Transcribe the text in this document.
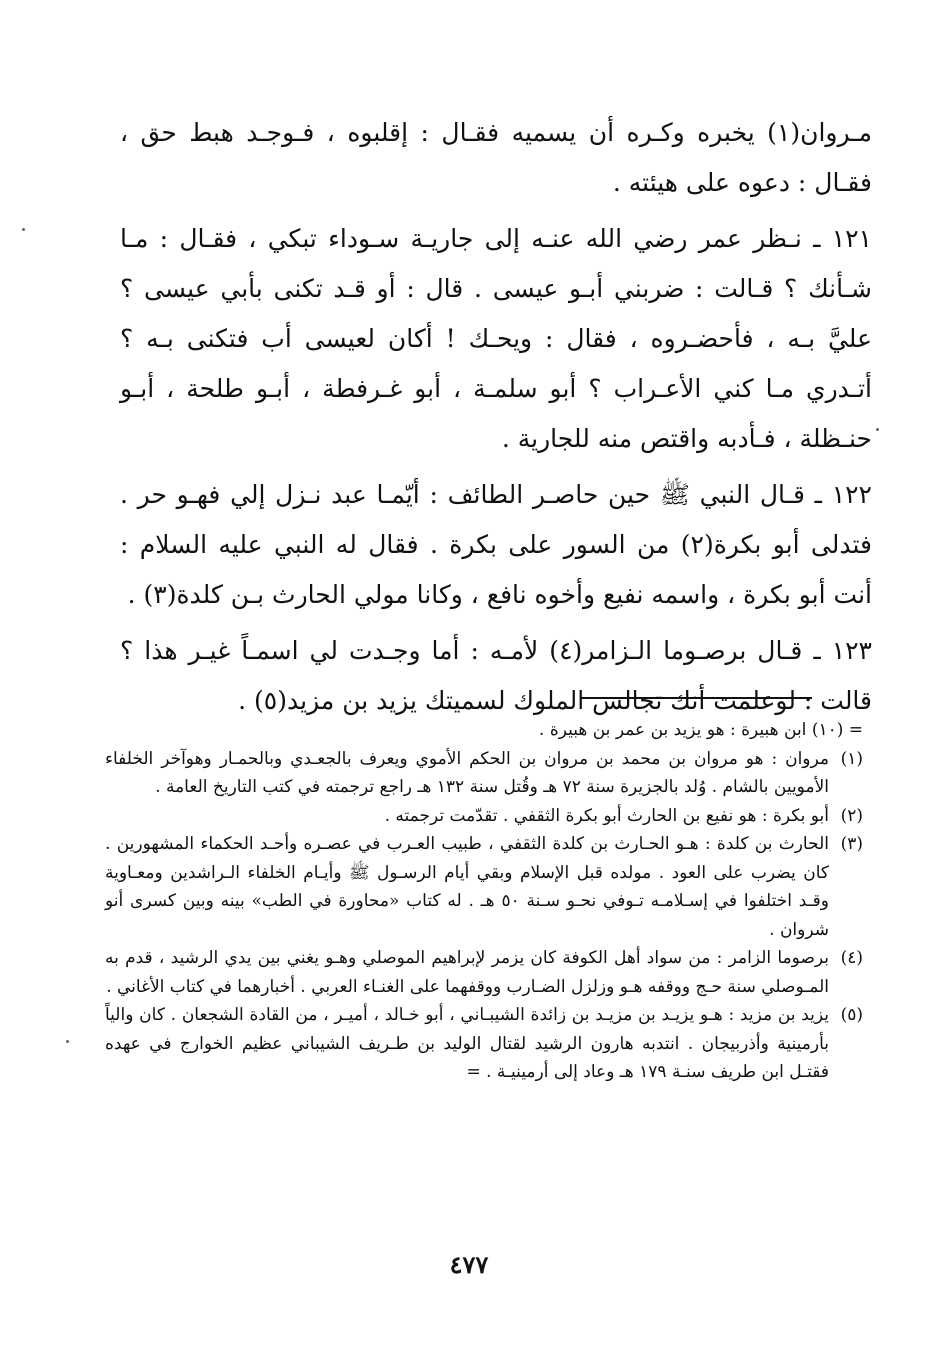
مـروان(١) يخبره وكـره أن يسميه فقـال : إقلبوه ، فـوجـد هبط حق ، فقـال : دعوه على هيئته .

١٢١ ـ نـظر عمر رضي الله عنـه إلى جاريـة سـوداء تبكي ، فقـال : مـا شـأنك ؟ قـالت : ضربني أبـو عيسى . قال : أو قـد تكنى بأبي عيسى ؟ عليَّ بـه ، فأحضـروه ، فقال : ويحـك ! أكان لعيسى أب فتكنى بـه ؟ أتـدري مـا كني الأعـراب ؟ أبو سلمـة ، أبو غـرفطة ، أبـو طلحة ، أبـو حنـظلة ، فـأدبه واقتص منه للجارية .

١٢٢ ـ قـال النبي ﷺ حين حاصـر الطائف : أيّمـا عبد نـزل إلي فهـو حر . فتدلى أبو بكرة(٢) من السور على بكرة . فقال له النبي عليه السلام : أنت أبو بكرة ، واسمه نفيع وأخوه نافع ، وكانا مولي الحارث بـن كلدة(٣) .

١٢٣ ـ قـال برصـوما الـزامر(٤) لأمـه : أما وجـدت لي اسمـاً غيـر هذا ؟ قالت : لوعلمت أنك تجالس الملوك لسميتك يزيد بن مزيد(٥) .

= (١٠) ابن هبيرة : هو يزيد بن عمر بن هبيرة .

(١)
مروان : هو مروان بن محمد بن مروان بن الحكم الأموي ويعرف بالجعـدي وبالحمـار وهوآخر الخلفاء الأمويين بالشام . وُلد بالجزيرة سنة ٧٢ هـ وقُتل سنة ١٣٢ هـ راجع ترجمته في كتب التاريخ العامة .
(٢)
أبو بكرة : هو نفيع بن الحارث أبو بكرة الثقفي . تقدّمت ترجمته .
(٣)
الحارث بن كلدة : هـو الحـارث بن كلدة الثقفي ، طبيب العـرب في عصـره وأحـد الحكماء المشهورين . كان يضرب على العود . مولده قبل الإسلام وبقي أيام الرسـول ﷺ وأيـام الخلفاء الـراشدين ومعـاوية وقـد اختلفوا في إسـلامـه تـوفي نحـو سـنة ٥٠ هـ . له كتاب «محاورة في الطب» بينه وبين كسرى أنو شروان .
(٤)
برصوما الزامر : من سواد أهل الكوفة كان يزمر لإبراهيم الموصلي وهـو يغني بين يدي الرشيد ، قدم به المـوصلي سنة حـج ووقفه هـو وزلزل الضـارب ووقفهما على الغنـاء العربي . أخبارهما في كتاب الأغاني .
(٥)
يزيد بن مزيد : هـو يزيـد بن مزيـد بن زائدة الشيبـاني ، أبو خـالد ، أميـر ، من القادة الشجعان . كان والياً بأرمينية وأذربيجان . انتدبه هارون الرشيد لقتال الوليد بن طـريف الشيباني عظيم الخوارج في عهده فقتـل ابن طريف سنـة ١٧٩ هـ وعاد إلى أرمينيـة . =
٤٧٧
